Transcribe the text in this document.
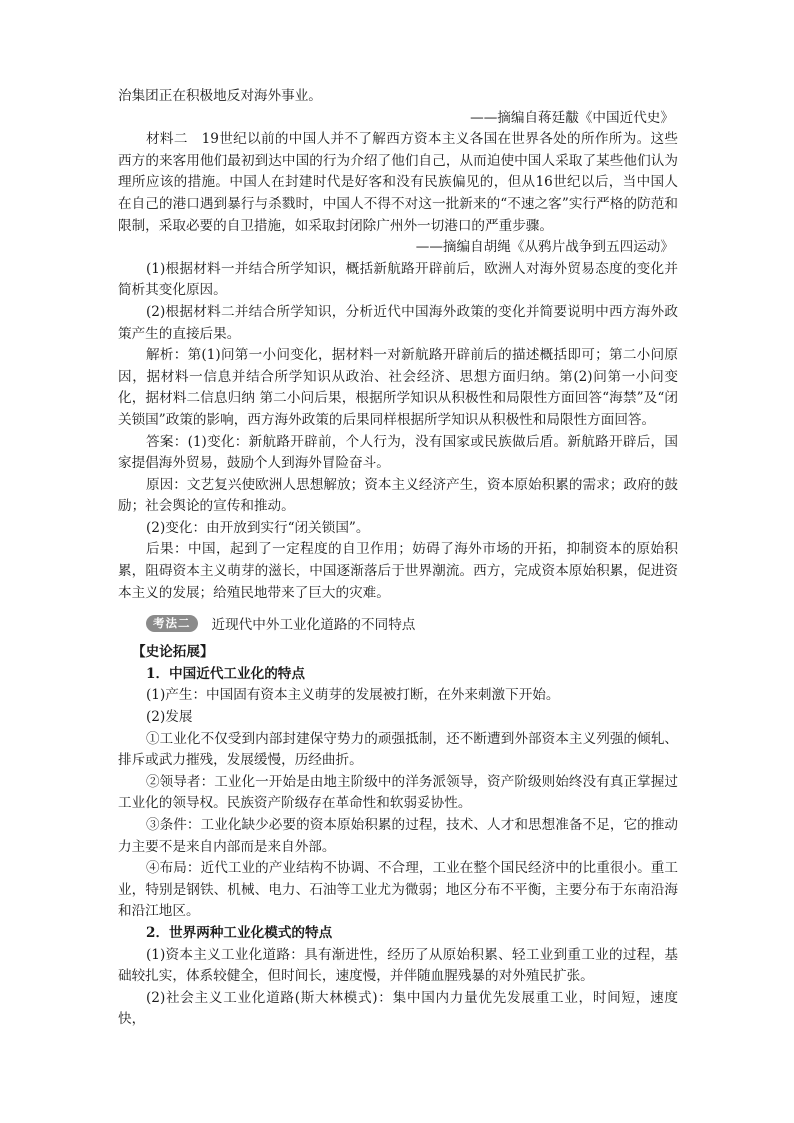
治集团正在积极地反对海外事业。

——摘编自蒋廷黻《中国近代史》

材料二　19世纪以前的中国人并不了解西方资本主义各国在世界各处的所作所为。这些西方的来客用他们最初到达中国的行为介绍了他们自己，从而迫使中国人采取了某些他们认为理所应该的措施。中国人在封建时代是好客和没有民族偏见的，但从16世纪以后，当中国人在自己的港口遇到暴行与杀戮时，中国人不得不对这一批新来的“不速之客”实行严格的防范和限制，采取必要的自卫措施，如采取封闭除广州外一切港口的严重步骤。

——摘编自胡绳《从鸦片战争到五四运动》

(1)根据材料一并结合所学知识，概括新航路开辟前后，欧洲人对海外贸易态度的变化并简析其变化原因。

(2)根据材料二并结合所学知识，分析近代中国海外政策的变化并简要说明中西方海外政策产生的直接后果。

解析：第(1)问第一小问变化，据材料一对新航路开辟前后的描述概括即可；第二小问原因，据材料一信息并结合所学知识从政治、社会经济、思想方面归纳。第(2)问第一小问变化，据材料二信息归纳 第二小问后果，根据所学知识从积极性和局限性方面回答“海禁”及“闭关锁国”政策的影响，西方海外政策的后果同样根据所学知识从积极性和局限性方面回答。

答案：(1)变化：新航路开辟前，个人行为，没有国家或民族做后盾。新航路开辟后，国家提倡海外贸易，鼓励个人到海外冒险奋斗。

原因：文艺复兴使欧洲人思想解放；资本主义经济产生，资本原始积累的需求；政府的鼓励；社会舆论的宣传和推动。

(2)变化：由开放到实行“闭关锁国”。

后果：中国，起到了一定程度的自卫作用；妨碍了海外市场的开拓，抑制资本的原始积累，阻碍资本主义萌芽的滋长，中国逐渐落后于世界潮流。西方，完成资本原始积累，促进资本主义的发展；给殖民地带来了巨大的灾难。

考法二	近现代中外工业化道路的不同特点

【史论拓展】

1．中国近代工业化的特点

(1)产生：中国固有资本主义萌芽的发展被打断，在外来刺激下开始。

(2)发展

①工业化不仅受到内部封建保守势力的顽强抵制，还不断遭到外部资本主义列强的倾轧、排斥或武力摧残，发展缓慢，历经曲折。

②领导者：工业化一开始是由地主阶级中的洋务派领导，资产阶级则始终没有真正掌握过工业化的领导权。民族资产阶级存在革命性和软弱妥协性。

③条件：工业化缺少必要的资本原始积累的过程，技术、人才和思想准备不足，它的推动力主要不是来自内部而是来自外部。

④布局：近代工业的产业结构不协调、不合理，工业在整个国民经济中的比重很小。重工业，特别是钢铁、机械、电力、石油等工业尤为微弱；地区分布不平衡，主要分布于东南沿海和沿江地区。

2．世界两种工业化模式的特点

(1)资本主义工业化道路：具有渐进性，经历了从原始积累、轻工业到重工业的过程，基础较扎实，体系较健全，但时间长，速度慢，并伴随血腥残暴的对外殖民扩张。

(2)社会主义工业化道路(斯大林模式)：集中国内力量优先发展重工业，时间短，速度快，
